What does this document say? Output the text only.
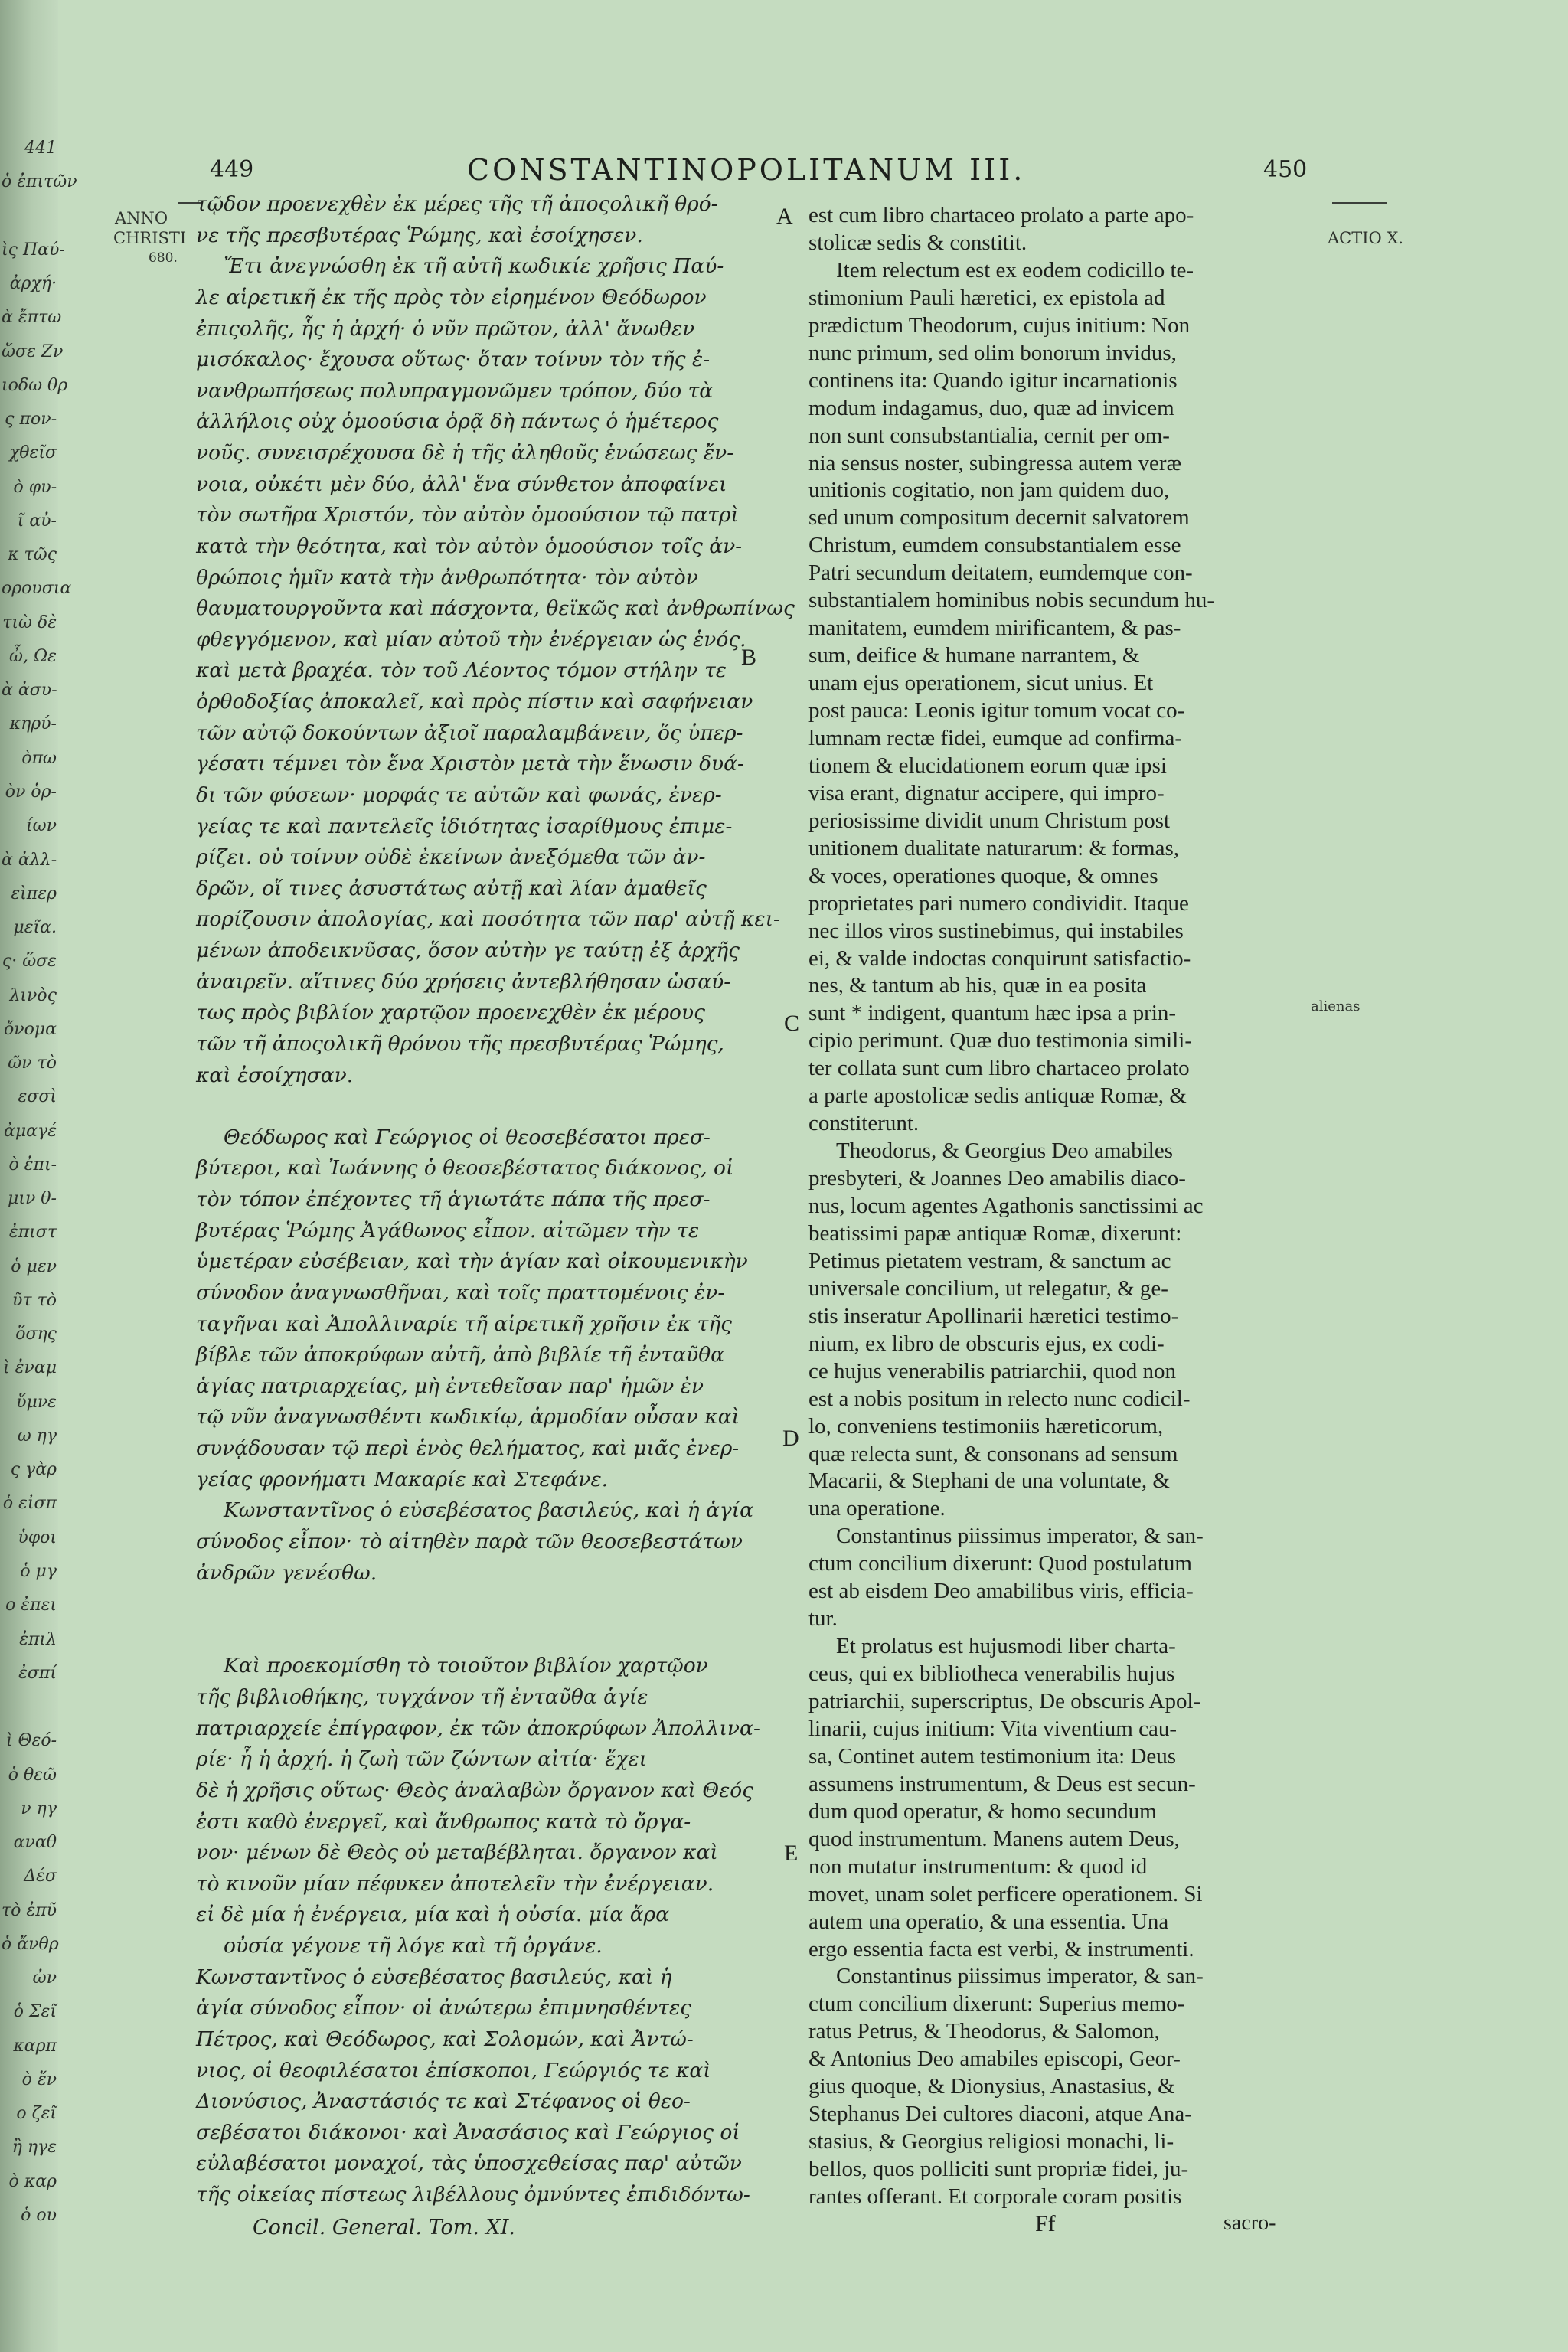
441
ὁ ἐπιτῶν
ὶς Παύ-
ἀρχή·
ὰ ἔπτω
ὥσε Ζν
ιοδω θρ
ς πον-
χθεῖσ
ὸ φυ-
ῖ αὐ-
κ τῶς
ορουσια
τιὼ δὲ
ὦ, Ωε
ὰ ἀσυ-
κηρύ-
ὸπω
ὸν ὁρ-
ίων
ὰ ἀλλ-
εὶπερ
μεῖα.
ς· ὥσε
λινὸς
ὄνομα
ῶν τὸ
εσσὶ
ἀμαγέ
ὸ ἐπι-
μιν θ-
ἐπιστ
ὁ μεν
ῦτ τὸ
ὅσης
ὶ ἐναμ
ὕμνε
ω ηγ
ς γὰρ
ὁ εἰσπ
ὑφοι
ὁ μγ
ο ἐπει
ἐπιλ
ἐσπί
ὶ Θεό-
ὁ θεῶ
ν ηγ
αναθ
Δέσ
τὸ ἐπῦ
ὁ ἄνθρ
ὠν
ὁ Σεῖ
καρπ
ὸ ἕν
ο ζεῖ
ἢ ηγε
ὸ καρ
ὁ ου
449	CONSTANTINOPOLITANUM III.	450
ANNO
CHRISTI
680.
ACTIO X.
alienas
τῷδον προενεχθὲν ἐκ μέρες τῆς τῆ ἀποςολικῆ θρό-
νε τῆς πρεσβυτέρας Ῥώμης, καὶ ἐσοίχησεν.
Ἔτι ἀνεγνώσθη ἐκ τῆ αὐτῆ κωδικίε χρῆσις Παύ-
λε αἱρετικῆ ἐκ τῆς πρὸς τὸν εἰρημένον Θεόδωρον
ἐπιςολῆς, ἧς ἡ ἀρχή· ὁ νῦν πρῶτον, ἀλλ' ἄνωθεν
μισόκαλος· ἔχουσα οὕτως· ὅταν τοίνυν τὸν τῆς ἐ-
νανθρωπήσεως πολυπραγμονῶμεν τρόπον, δύο τὰ
ἀλλήλοις οὐχ ὁμοούσια ὁρᾷ δὴ πάντως ὁ ἡμέτερος
νοῦς. συνεισρέχουσα δὲ ἡ τῆς ἀληθοῦς ἑνώσεως ἔν-
νοια, οὐκέτι μὲν δύο, ἀλλ' ἕνα σύνθετον ἀποφαίνει
τὸν σωτῆρα Χριστόν, τὸν αὐτὸν ὁμοούσιον τῷ πατρὶ
κατὰ τὴν θεότητα, καὶ τὸν αὐτὸν ὁμοούσιον τοῖς ἀν-
θρώποις ἡμῖν κατὰ τὴν ἀνθρωπότητα· τὸν αὐτὸν
θαυματουργοῦντα καὶ πάσχοντα, θεϊκῶς καὶ ἀνθρωπίνως
φθεγγόμενον, καὶ μίαν αὐτοῦ τὴν ἐνέργειαν ὡς ἑνός.
καὶ μετὰ βραχέα. τὸν τοῦ Λέοντος τόμον στήλην τε
ὀρθοδοξίας ἀποκαλεῖ, καὶ πρὸς πίστιν καὶ σαφήνειαν
τῶν αὐτῷ δοκούντων ἀξιοῖ παραλαμβάνειν, ὅς ὑπερ-
γέσατι τέμνει τὸν ἕνα Χριστὸν μετὰ τὴν ἕνωσιν δυά-
δι τῶν φύσεων· μορφάς τε αὐτῶν καὶ φωνάς, ἐνερ-
γείας τε καὶ παντελεῖς ἰδιότητας ἰσαρίθμους ἐπιμε-
ρίζει. οὐ τοίνυν οὐδὲ ἐκείνων ἀνεξόμεθα τῶν ἀν-
δρῶν, οἵ τινες ἀσυστάτως αὐτῇ καὶ λίαν ἀμαθεῖς
πορίζουσιν ἀπολογίας, καὶ ποσότητα τῶν παρ' αὐτῇ κει-
μένων ἀποδεικνῦσας, ὅσον αὐτὴν γε ταύτῃ ἐξ ἀρχῆς
ἀναιρεῖν. αἵτινες δύο χρήσεις ἀντεβλήθησαν ὡσαύ-
τως πρὸς βιβλίον χαρτῷον προενεχθὲν ἐκ μέρους
τῶν τῆ ἀποςολικῆ θρόνου τῆς πρεσβυτέρας Ῥώμης,
καὶ ἐσοίχησαν.
Θεόδωρος καὶ Γεώργιος οἱ θεοσεβέσατοι πρεσ-
βύτεροι, καὶ Ἰωάννης ὁ θεοσεβέστατος διάκονος, οἱ
τὸν τόπον ἐπέχοντες τῆ ἁγιωτάτε πάπα τῆς πρεσ-
βυτέρας Ῥώμης Ἀγάθωνος εἶπον. αἰτῶμεν τὴν τε
ὑμετέραν εὐσέβειαν, καὶ τὴν ἁγίαν καὶ οἰκουμενικὴν
σύνοδον ἀναγνωσθῆναι, καὶ τοῖς πραττομένοις ἐν-
ταγῆναι καὶ Ἀπολλιναρίε τῆ αἱρετικῆ χρῆσιν ἐκ τῆς
βίβλε τῶν ἀποκρύφων αὐτῆ, ἀπὸ βιβλίε τῆ ἐνταῦθα
ἁγίας πατριαρχείας, μὴ ἐντεθεῖσαν παρ' ἡμῶν ἐν
τῷ νῦν ἀναγνωσθέντι κωδικίῳ, ἁρμοδίαν οὖσαν καὶ
συνᾴδουσαν τῷ περὶ ἑνὸς θελήματος, καὶ μιᾶς ἐνερ-
γείας φρονήματι Μακαρίε καὶ Στεφάνε.
Κωνσταντῖνος ὁ εὐσεβέσατος βασιλεύς, καὶ ἡ ἁγία
σύνοδος εἶπον· τὸ αἰτηθὲν παρὰ τῶν θεοσεβεστάτων
ἀνδρῶν γενέσθω.
Καὶ προεκομίσθη τὸ τοιοῦτον βιβλίον χαρτῷον
τῆς βιβλιοθήκης, τυγχάνον τῆ ἐνταῦθα ἁγίε
πατριαρχείε ἐπίγραφον, ἐκ τῶν ἀποκρύφων Ἀπολλινα-
ρίε· ἧ ἡ ἀρχή. ἡ ζωὴ τῶν ζώντων αἰτία· ἔχει
δὲ ἡ χρῆσις οὕτως· Θεὸς ἀναλαβὼν ὄργανον καὶ Θεός
ἐστι καθὸ ἐνεργεῖ, καὶ ἄνθρωπος κατὰ τὸ ὄργα-
νον· μένων δὲ Θεὸς οὐ μεταβέβληται. ὄργανον καὶ
τὸ κινοῦν μίαν πέφυκεν ἀποτελεῖν τὴν ἐνέργειαν.
εἰ δὲ μία ἡ ἐνέργεια, μία καὶ ἡ οὐσία. μία ἄρα
οὐσία γέγονε τῆ λόγε καὶ τῆ ὀργάνε.
Κωνσταντῖνος ὁ εὐσεβέσατος βασιλεύς, καὶ ἡ
ἁγία σύνοδος εἶπον· οἱ ἀνώτερω ἐπιμνησθέντες
Πέτρος, καὶ Θεόδωρος, καὶ Σολομών, καὶ Ἀντώ-
νιος, οἱ θεοφιλέσατοι ἐπίσκοποι, Γεώργιός τε καὶ
Διονύσιος, Ἀναστάσιός τε καὶ Στέφανος οἱ θεο-
σεβέσατοι διάκονοι· καὶ Ἀνασάσιος καὶ Γεώργιος οἱ
εὐλαβέσατοι μοναχοί, τὰς ὑποσχεθείσας παρ' αὐτῶν
τῆς οἰκείας πίστεως λιβέλλους ὀμνύντες ἐπιδιδόντω-
est cum libro chartaceo prolato a parte apo-
stolicæ sedis & constitit.
Item relectum est ex eodem codicillo te-
stimonium Pauli hæretici, ex epistola ad
prædictum Theodorum, cujus initium: Non
nunc primum, sed olim bonorum invidus,
continens ita: Quando igitur incarnationis
modum indagamus, duo, quæ ad invicem
non sunt consubstantialia, cernit per om-
nia sensus noster, subingressa autem veræ
unitionis cogitatio, non jam quidem duo,
sed unum compositum decernit salvatorem
Christum, eumdem consubstantialem esse
Patri secundum deitatem, eumdemque con-
substantialem hominibus nobis secundum hu-
manitatem, eumdem mirificantem, & pas-
sum, deifice & humane narrantem, &
unam ejus operationem, sicut unius. Et
post pauca: Leonis igitur tomum vocat co-
lumnam rectæ fidei, eumque ad confirma-
tionem & elucidationem eorum quæ ipsi
visa erant, dignatur accipere, qui impro-
periosissime dividit unum Christum post
unitionem dualitate naturarum: & formas,
& voces, operationes quoque, & omnes
proprietates pari numero condividit. Itaque
nec illos viros sustinebimus, qui instabiles
ei, & valde indoctas conquirunt satisfactio-
nes, & tantum ab his, quæ in ea posita
sunt * indigent, quantum hæc ipsa a prin-
cipio perimunt. Quæ duo testimonia simili-
ter collata sunt cum libro chartaceo prolato
a parte apostolicæ sedis antiquæ Romæ, &
constiterunt.
Theodorus, & Georgius Deo amabiles
presbyteri, & Joannes Deo amabilis diaco-
nus, locum agentes Agathonis sanctissimi ac
beatissimi papæ antiquæ Romæ, dixerunt:
Petimus pietatem vestram, & sanctum ac
universale concilium, ut relegatur, & ge-
stis inseratur Apollinarii hæretici testimo-
nium, ex libro de obscuris ejus, ex codi-
ce hujus venerabilis patriarchii, quod non
est a nobis positum in relecto nunc codicil-
lo, conveniens testimoniis hæreticorum,
quæ relecta sunt, & consonans ad sensum
Macarii, & Stephani de una voluntate, &
una operatione.
Constantinus piissimus imperator, & san-
ctum concilium dixerunt: Quod postulatum
est ab eisdem Deo amabilibus viris, efficia-
tur.
Et prolatus est hujusmodi liber charta-
ceus, qui ex bibliotheca venerabilis hujus
patriarchii, superscriptus, De obscuris Apol-
linarii, cujus initium: Vita viventium cau-
sa, Continet autem testimonium ita: Deus
assumens instrumentum, & Deus est secun-
dum quod operatur, & homo secundum
quod instrumentum. Manens autem Deus,
non mutatur instrumentum: & quod id
movet, unam solet perficere operationem. Si
autem una operatio, & una essentia. Una
ergo essentia facta est verbi, & instrumenti.
Constantinus piissimus imperator, & san-
ctum concilium dixerunt: Superius memo-
ratus Petrus, & Theodorus, & Salomon,
& Antonius Deo amabiles episcopi, Geor-
gius quoque, & Dionysius, Anastasius, &
Stephanus Dei cultores diaconi, atque Ana-
stasius, & Georgius religiosi monachi, li-
bellos, quos polliciti sunt propriæ fidei, ju-
rantes offerant. Et corporale coram positis
A
B
C
D
E
Concil. General. Tom. XI.	Ff	sacro-
